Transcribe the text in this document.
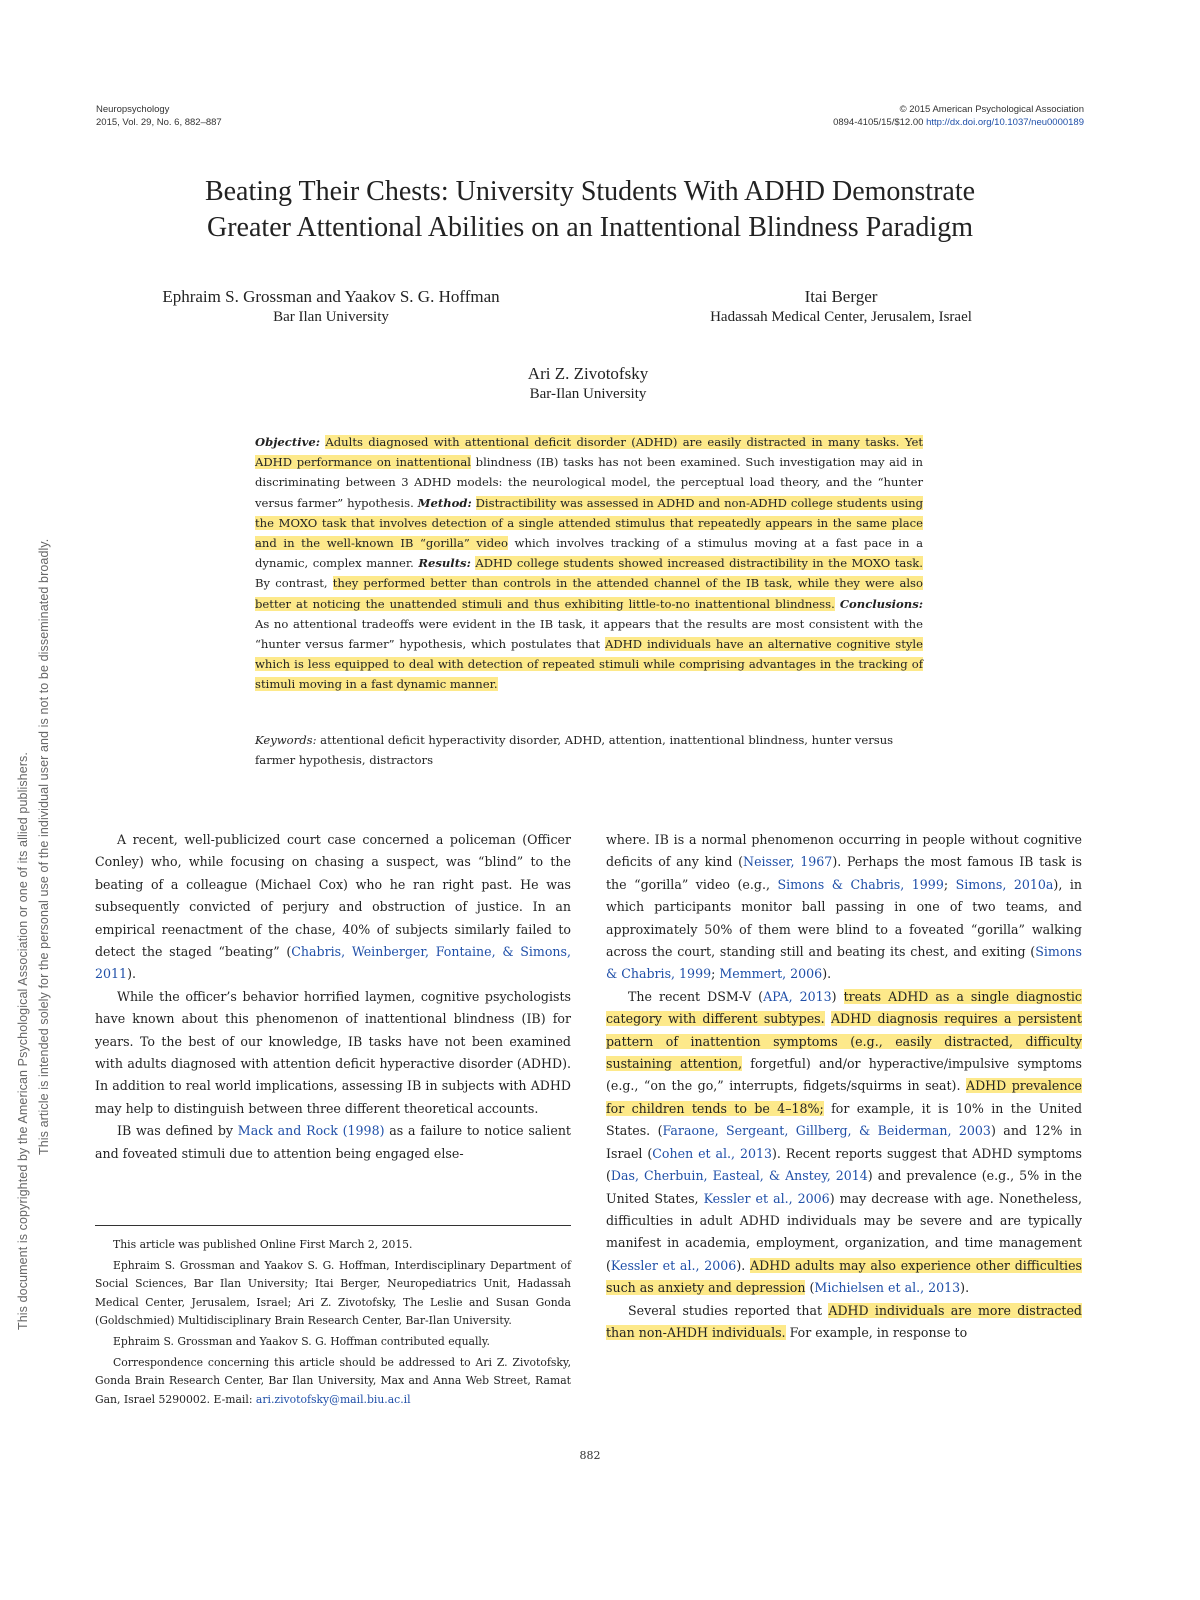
Neuropsychology
2015, Vol. 29, No. 6, 882–887
© 2015 American Psychological Association
0894-4105/15/$12.00 http://dx.doi.org/10.1037/neu0000189
This document is copyrighted by the American Psychological Association or one of its allied publishers. This article is intended solely for the personal use of the individual user and is not to be disseminated broadly.
Beating Their Chests: University Students With ADHD Demonstrate
Greater Attentional Abilities on an Inattentional Blindness Paradigm
Ephraim S. Grossman and Yaakov S. G. Hoffman
Bar Ilan University
Itai Berger
Hadassah Medical Center, Jerusalem, Israel
Ari Z. Zivotofsky
Bar-Ilan University
Objective: Adults diagnosed with attentional deficit disorder (ADHD) are easily distracted in many tasks. Yet ADHD performance on inattentional blindness (IB) tasks has not been examined. Such investigation may aid in discriminating between 3 ADHD models: the neurological model, the perceptual load theory, and the “hunter versus farmer” hypothesis. Method: Distractibility was assessed in ADHD and non-ADHD college students using the MOXO task that involves detection of a single attended stimulus that repeatedly appears in the same place and in the well-known IB “gorilla” video which involves tracking of a stimulus moving at a fast pace in a dynamic, complex manner. Results: ADHD college students showed increased distractibility in the MOXO task. By contrast, they performed better than controls in the attended channel of the IB task, while they were also better at noticing the unattended stimuli and thus exhibiting little-to-no inattentional blindness. Conclusions: As no attentional tradeoffs were evident in the IB task, it appears that the results are most consistent with the “hunter versus farmer” hypothesis, which postulates that ADHD individuals have an alternative cognitive style which is less equipped to deal with detection of repeated stimuli while comprising advantages in the tracking of stimuli moving in a fast dynamic manner.
Keywords: attentional deficit hyperactivity disorder, ADHD, attention, inattentional blindness, hunter versus farmer hypothesis, distractors

A recent, well-publicized court case concerned a policeman (Officer Conley) who, while focusing on chasing a suspect, was “blind” to the beating of a colleague (Michael Cox) who he ran right past. He was subsequently convicted of perjury and obstruction of justice. In an empirical reenactment of the chase, 40% of subjects similarly failed to detect the staged “beating” (Chabris, Weinberger, Fontaine, & Simons, 2011).

While the officer’s behavior horrified laymen, cognitive psychologists have known about this phenomenon of inattentional blindness (IB) for years. To the best of our knowledge, IB tasks have not been examined with adults diagnosed with attention deficit hyperactive disorder (ADHD). In addition to real world implications, assessing IB in subjects with ADHD may help to distinguish between three different theoretical accounts.

IB was defined by Mack and Rock (1998) as a failure to notice salient and foveated stimuli due to attention being engaged else-

This article was published Online First March 2, 2015.

Ephraim S. Grossman and Yaakov S. G. Hoffman, Interdisciplinary Department of Social Sciences, Bar Ilan University; Itai Berger, Neuropediatrics Unit, Hadassah Medical Center, Jerusalem, Israel; Ari Z. Zivotofsky, The Leslie and Susan Gonda (Goldschmied) Multidisciplinary Brain Research Center, Bar-Ilan University.

Ephraim S. Grossman and Yaakov S. G. Hoffman contributed equally.

Correspondence concerning this article should be addressed to Ari Z. Zivotofsky, Gonda Brain Research Center, Bar Ilan University, Max and Anna Web Street, Ramat Gan, Israel 5290002. E-mail: ari.zivotofsky@mail.biu.ac.il

where. IB is a normal phenomenon occurring in people without cognitive deficits of any kind (Neisser, 1967). Perhaps the most famous IB task is the “gorilla” video (e.g., Simons & Chabris, 1999; Simons, 2010a), in which participants monitor ball passing in one of two teams, and approximately 50% of them were blind to a foveated “gorilla” walking across the court, standing still and beating its chest, and exiting (Simons & Chabris, 1999; Memmert, 2006).

The recent DSM-V (APA, 2013) treats ADHD as a single diagnostic category with different subtypes. ADHD diagnosis requires a persistent pattern of inattention symptoms (e.g., easily distracted, difficulty sustaining attention, forgetful) and/or hyperactive/impulsive symptoms (e.g., “on the go,” interrupts, fidgets/squirms in seat). ADHD prevalence for children tends to be 4–18%; for example, it is 10% in the United States. (Faraone, Sergeant, Gillberg, & Beiderman, 2003) and 12% in Israel (Cohen et al., 2013). Recent reports suggest that ADHD symptoms (Das, Cherbuin, Easteal, & Anstey, 2014) and prevalence (e.g., 5% in the United States, Kessler et al., 2006) may decrease with age. Nonetheless, difficulties in adult ADHD individuals may be severe and are typically manifest in academia, employment, organization, and time management (Kessler et al., 2006). ADHD adults may also experience other difficulties such as anxiety and depression (Michielsen et al., 2013).

Several studies reported that ADHD individuals are more distracted than non-AHDH individuals. For example, in response to

882
